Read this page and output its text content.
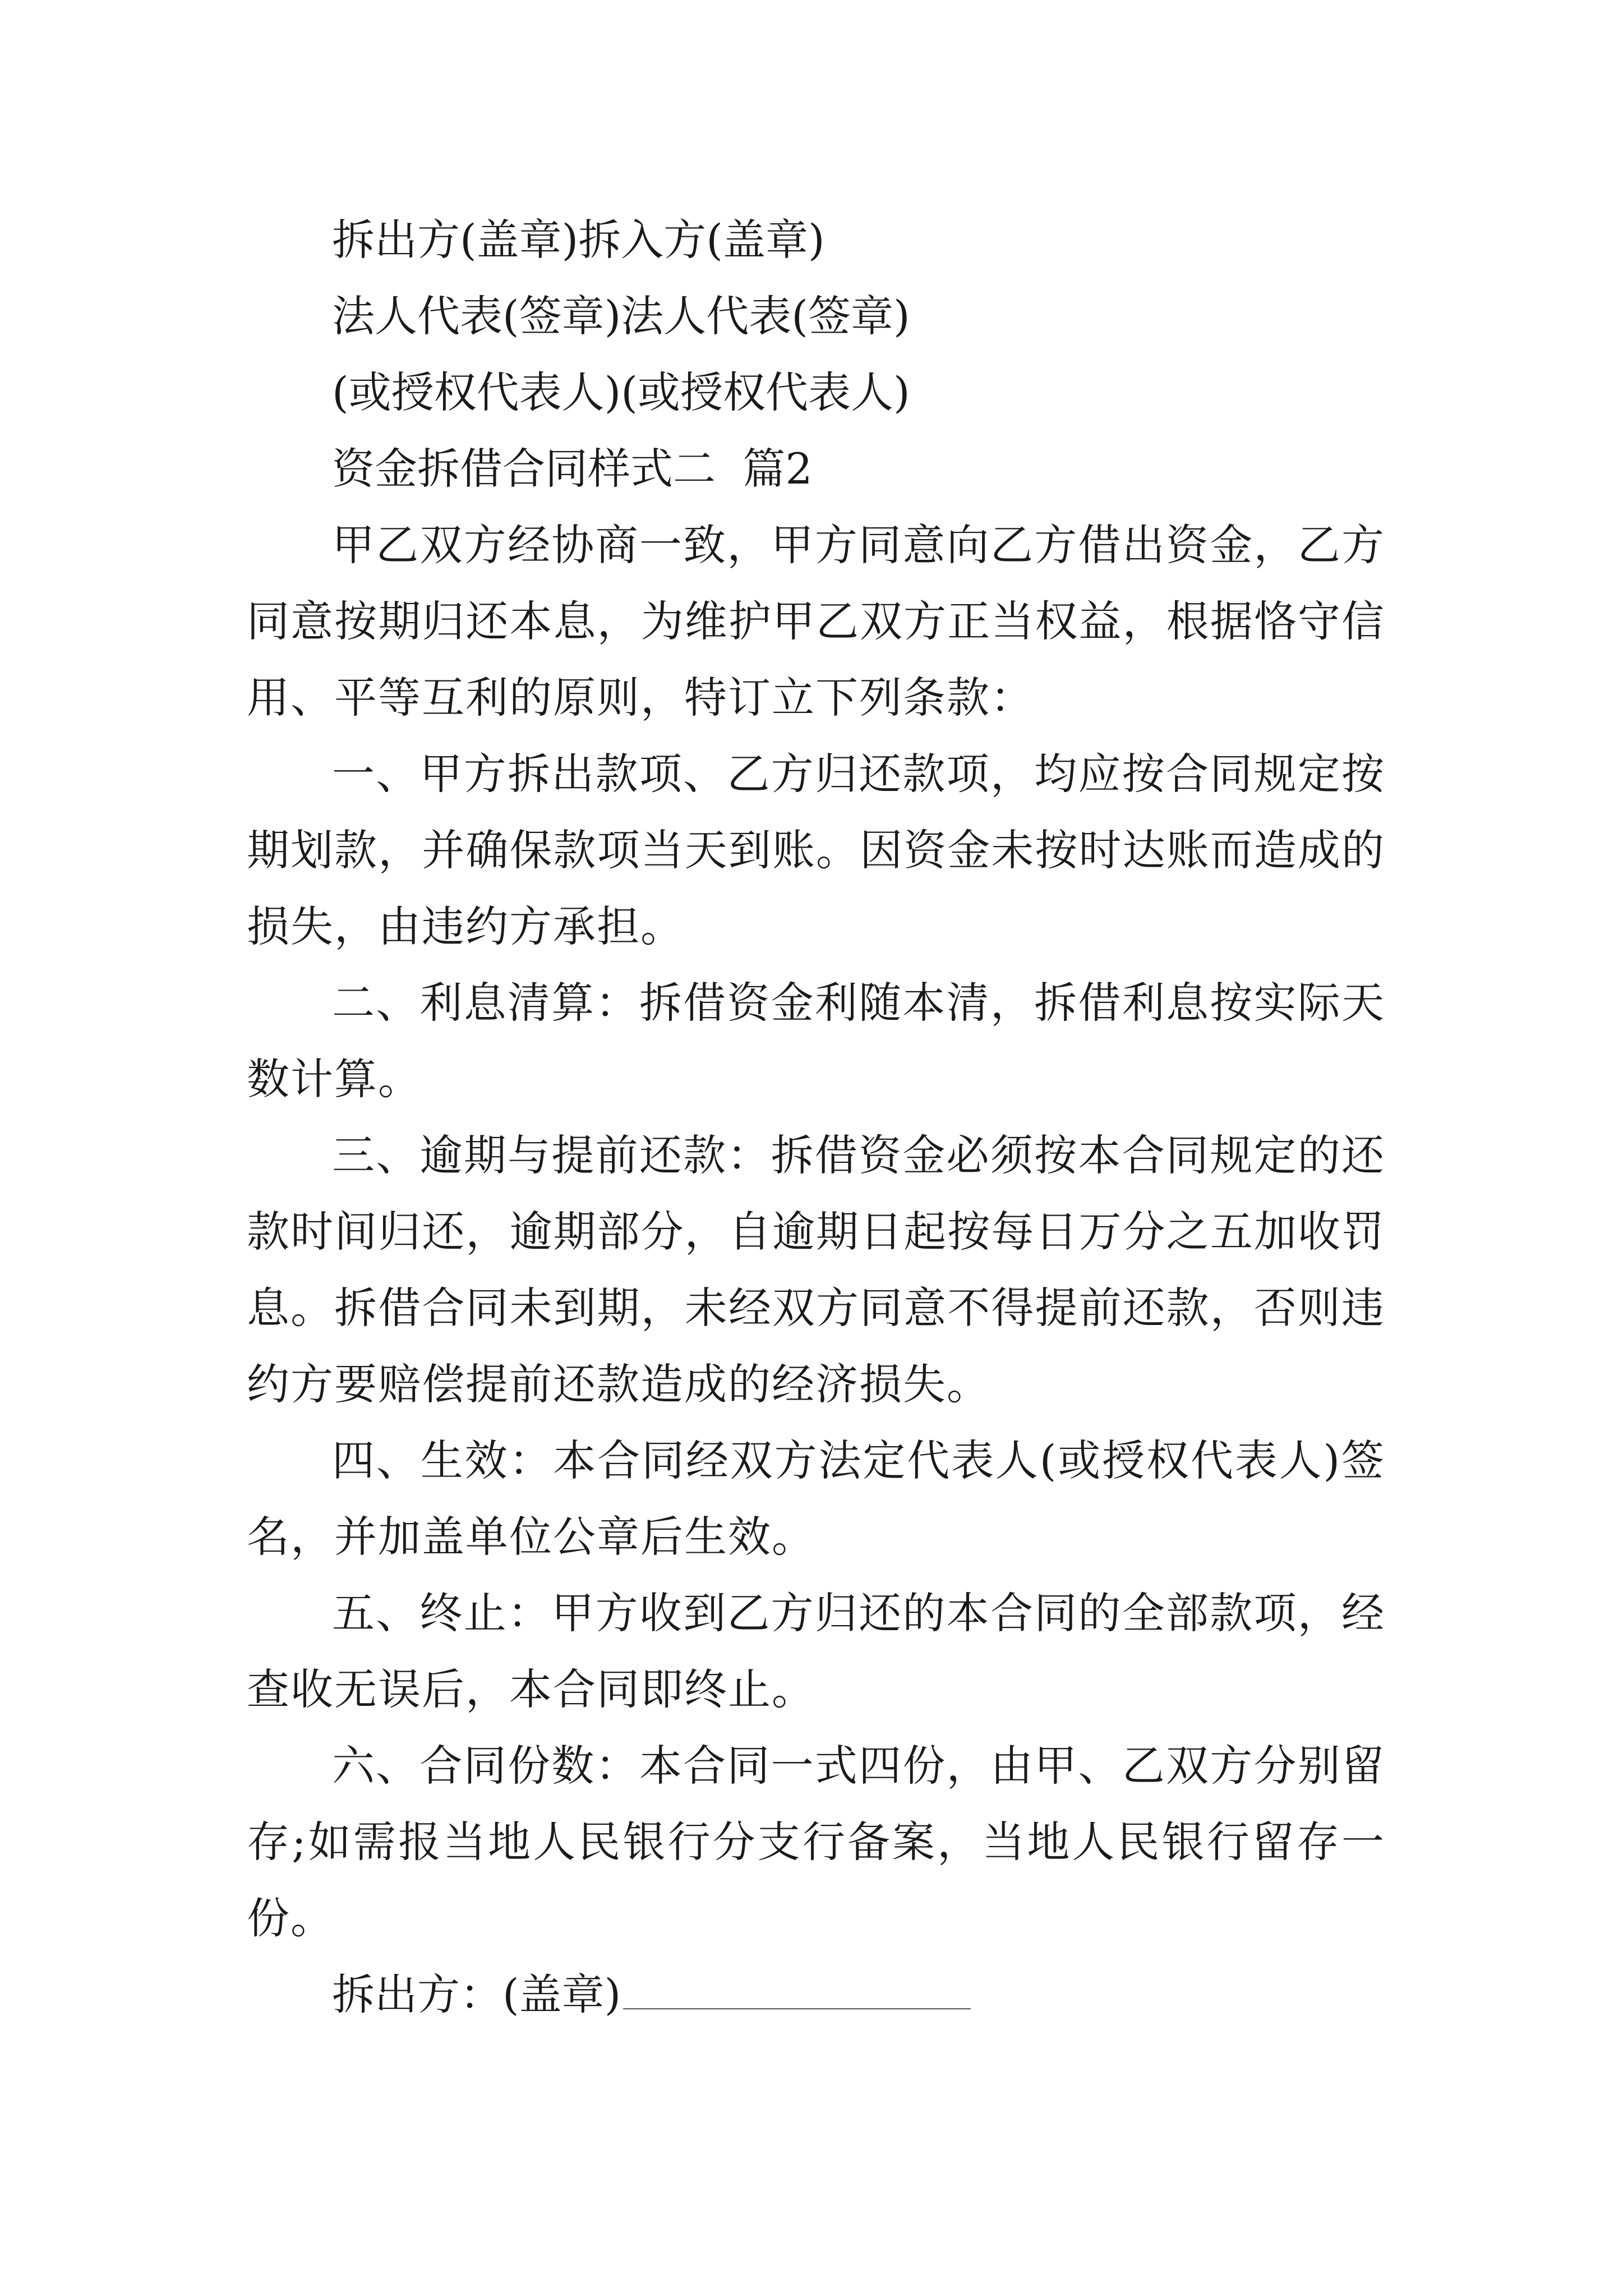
拆出方(盖章)拆入方(盖章)

法人代表(签章)法人代表(签章)

(或授权代表人)(或授权代表人)

资金拆借合同样式二  篇2

甲乙双方经协商一致，甲方同意向乙方借出资金，乙方同意按期归还本息，为维护甲乙双方正当权益，根据恪守信用、平等互利的原则，特订立下列条款：

一、甲方拆出款项、乙方归还款项，均应按合同规定按期划款，并确保款项当天到账。因资金未按时达账而造成的损失，由违约方承担。

二、利息清算：拆借资金利随本清，拆借利息按实际天数计算。

三、逾期与提前还款：拆借资金必须按本合同规定的还款时间归还，逾期部分，自逾期日起按每日万分之五加收罚息。拆借合同未到期，未经双方同意不得提前还款，否则违约方要赔偿提前还款造成的经济损失。

四、生效：本合同经双方法定代表人(或授权代表人)签名，并加盖单位公章后生效。

五、终止：甲方收到乙方归还的本合同的全部款项，经查收无误后，本合同即终止。

六、合同份数：本合同一式四份，由甲、乙双方分别留存;如需报当地人民银行分支行备案，当地人民银行留存一份。

拆出方：(盖章)
